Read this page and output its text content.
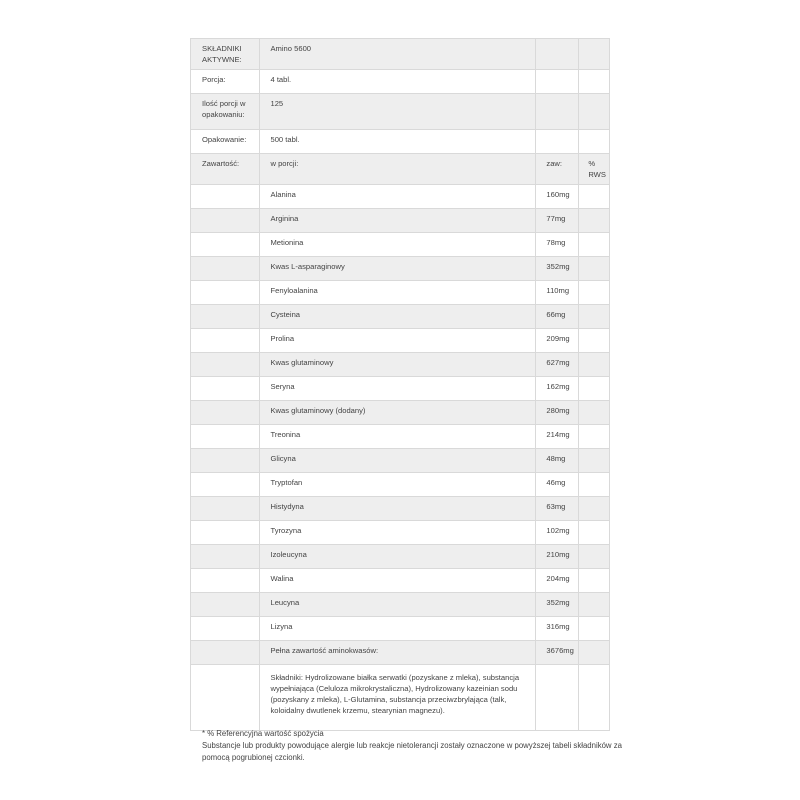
SKŁADNIKI AKTYWNE:	Amino 5600		
Porcja:	4 tabl.		
Ilość porcji w opakowaniu:	125		
Opakowanie:	500 tabl.		
Zawartość:	w porcji:	zaw:	% RWS
	Alanina	160mg	
	Arginina	77mg	
	Metionina	78mg	
	Kwas L-asparaginowy	352mg	
	Fenyloalanina	110mg	
	Cysteina	66mg	
	Prolina	209mg	
	Kwas glutaminowy	627mg	
	Seryna	162mg	
	Kwas glutaminowy (dodany)	280mg	
	Treonina	214mg	
	Glicyna	48mg	
	Tryptofan	46mg	
	Histydyna	63mg	
	Tyrozyna	102mg	
	Izoleucyna	210mg	
	Walina	204mg	
	Leucyna	352mg	
	Lizyna	316mg	
	Pełna zawartość aminokwasów:	3676mg	
	Składniki: Hydrolizowane białka serwatki (pozyskane z mleka), substancja wypełniająca (Celuloza mikrokrystaliczna), Hydrolizowany kazeinian sodu (pozyskany z mleka), L-Glutamina, substancja przeciwzbrylająca (talk, koloidalny dwutlenek krzemu, stearynian magnezu).		
* % Referencyjna wartość spożycia
Substancje lub produkty powodujące alergie lub reakcje nietolerancji zostały oznaczone w powyższej tabeli składników za pomocą pogrubionej czcionki.
